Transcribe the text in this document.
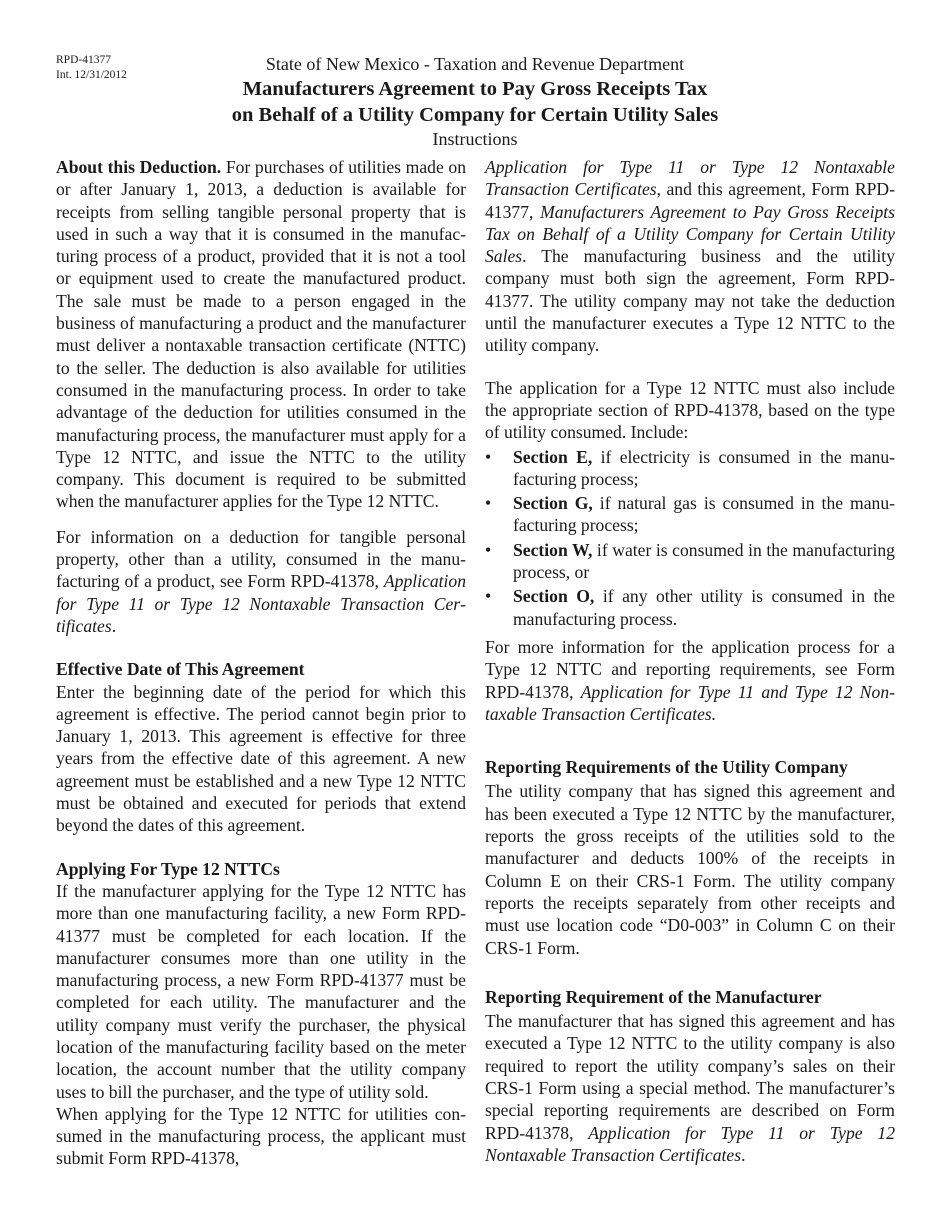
RPD-41377
Int. 12/31/2012
State of New Mexico - Taxation and Revenue Department
Manufacturers Agreement to Pay Gross Receipts Tax
on Behalf of a Utility Company for Certain Utility Sales
Instructions

About this Deduction. For purchases of utilities made on or after January 1, 2013, a deduction is available for receipts from selling tangible personal property that is used in such a way that it is consumed in the manufacturing process of a product, provided that it is not a tool or equipment used to create the manufactured product. The sale must be made to a person engaged in the business of manufacturing a product and the manufacturer must deliver a nontaxable transaction certificate (NTTC) to the seller. The deduction is also available for utilities consumed in the manufacturing process. In order to take advantage of the deduction for utilities consumed in the manufacturing process, the manufacturer must apply for a Type 12 NTTC, and issue the NTTC to the utility company. This document is required to be submitted when the manufacturer applies for the Type 12 NTTC.

For information on a deduction for tangible personal property, other than a utility, consumed in the manufacturing of a product, see Form RPD-41378, Application for Type 11 or Type 12 Nontaxable Transaction Certificates.

Effective Date of This Agreement

Enter the beginning date of the period for which this agreement is effective. The period cannot begin prior to January 1, 2013. This agreement is effective for three years from the effective date of this agreement. A new agreement must be established and a new Type 12 NTTC must be obtained and executed for periods that extend beyond the dates of this agreement.

Applying For Type 12 NTTCs

If the manufacturer applying for the Type 12 NTTC has more than one manufacturing facility, a new Form RPD-41377 must be completed for each location. If the manufacturer consumes more than one utility in the manufacturing process, a new Form RPD-41377 must be completed for each utility. The manufacturer and the utility company must verify the purchaser, the physical location of the manufacturing facility based on the meter location, the account number that the utility company uses to bill the purchaser, and the type of utility sold.

When applying for the Type 12 NTTC for utilities consumed in the manufacturing process, the applicant must submit Form RPD-41378,

Application for Type 11 or Type 12 Nontaxable Transaction Certificates, and this agreement, Form RPD-41377, Manufacturers Agreement to Pay Gross Receipts Tax on Behalf of a Utility Company for Certain Utility Sales. The manufacturing business and the utility company must both sign the agreement, Form RPD-41377. The utility company may not take the deduction until the manufacturer executes a Type 12 NTTC to the utility company.

The application for a Type 12 NTTC must also include the appropriate section of RPD-41378, based on the type of utility consumed. Include:

• Section E, if electricity is consumed in the manufacturing process;
• Section G, if natural gas is consumed in the manufacturing process;
• Section W, if water is consumed in the manufacturing process, or
• Section O, if any other utility is consumed in the manufacturing process.

For more information for the application process for a Type 12 NTTC and reporting requirements, see Form RPD-41378, Application for Type 11 and Type 12 Nontaxable Transaction Certificates.

Reporting Requirements of the Utility Company

The utility company that has signed this agreement and has been executed a Type 12 NTTC by the manufacturer, reports the gross receipts of the utilities sold to the manufacturer and deducts 100% of the receipts in Column E on their CRS-1 Form. The utility company reports the receipts separately from other receipts and must use location code “D0-003” in Column C on their CRS-1 Form.

Reporting Requirement of the Manufacturer

The manufacturer that has signed this agreement and has executed a Type 12 NTTC to the utility company is also required to report the utility company’s sales on their CRS-1 Form using a special method. The manufacturer’s special reporting requirements are described on Form RPD-41378, Application for Type 11 or Type 12 Nontaxable Transaction Certificates.
